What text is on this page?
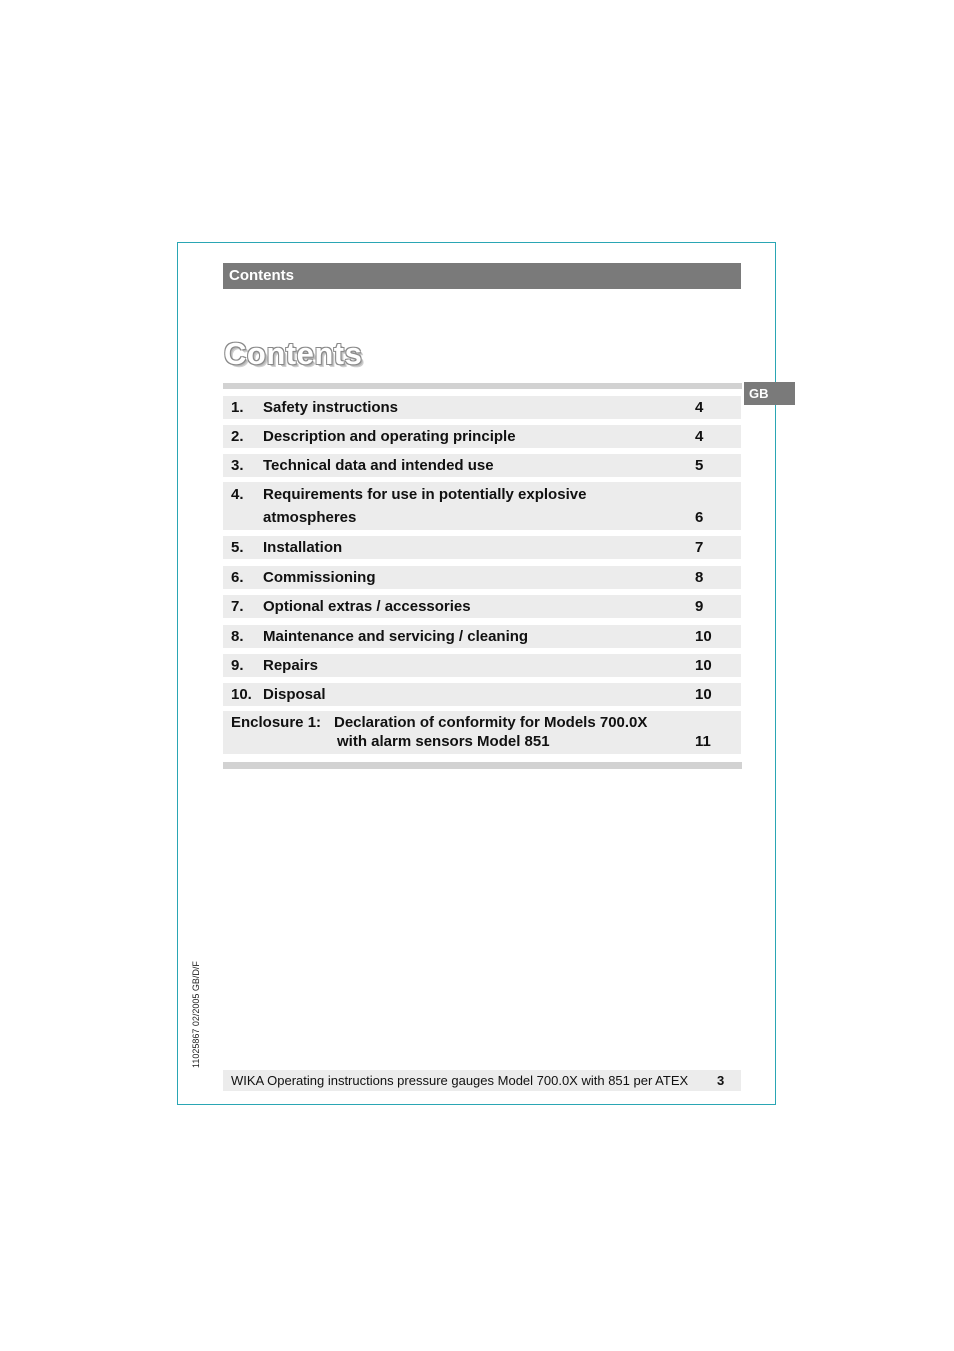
Contents
Contents
GB
1. Safety instructions	4
2. Description and operating principle	4
3. Technical data and intended use	5
4. Requirements for use in potentially explosive
atmospheres	6
5. Installation	7
6. Commissioning	8
7. Optional extras / accessories	9
8. Maintenance and servicing / cleaning	10
9. Repairs	10
10. Disposal	10
Enclosure 1: Declaration of conformity for Models 700.0X
with alarm sensors Model 851	11
11025867 02/2005 GB/D/F
WIKA Operating instructions pressure gauges Model 700.0X with 851 per ATEX 3
